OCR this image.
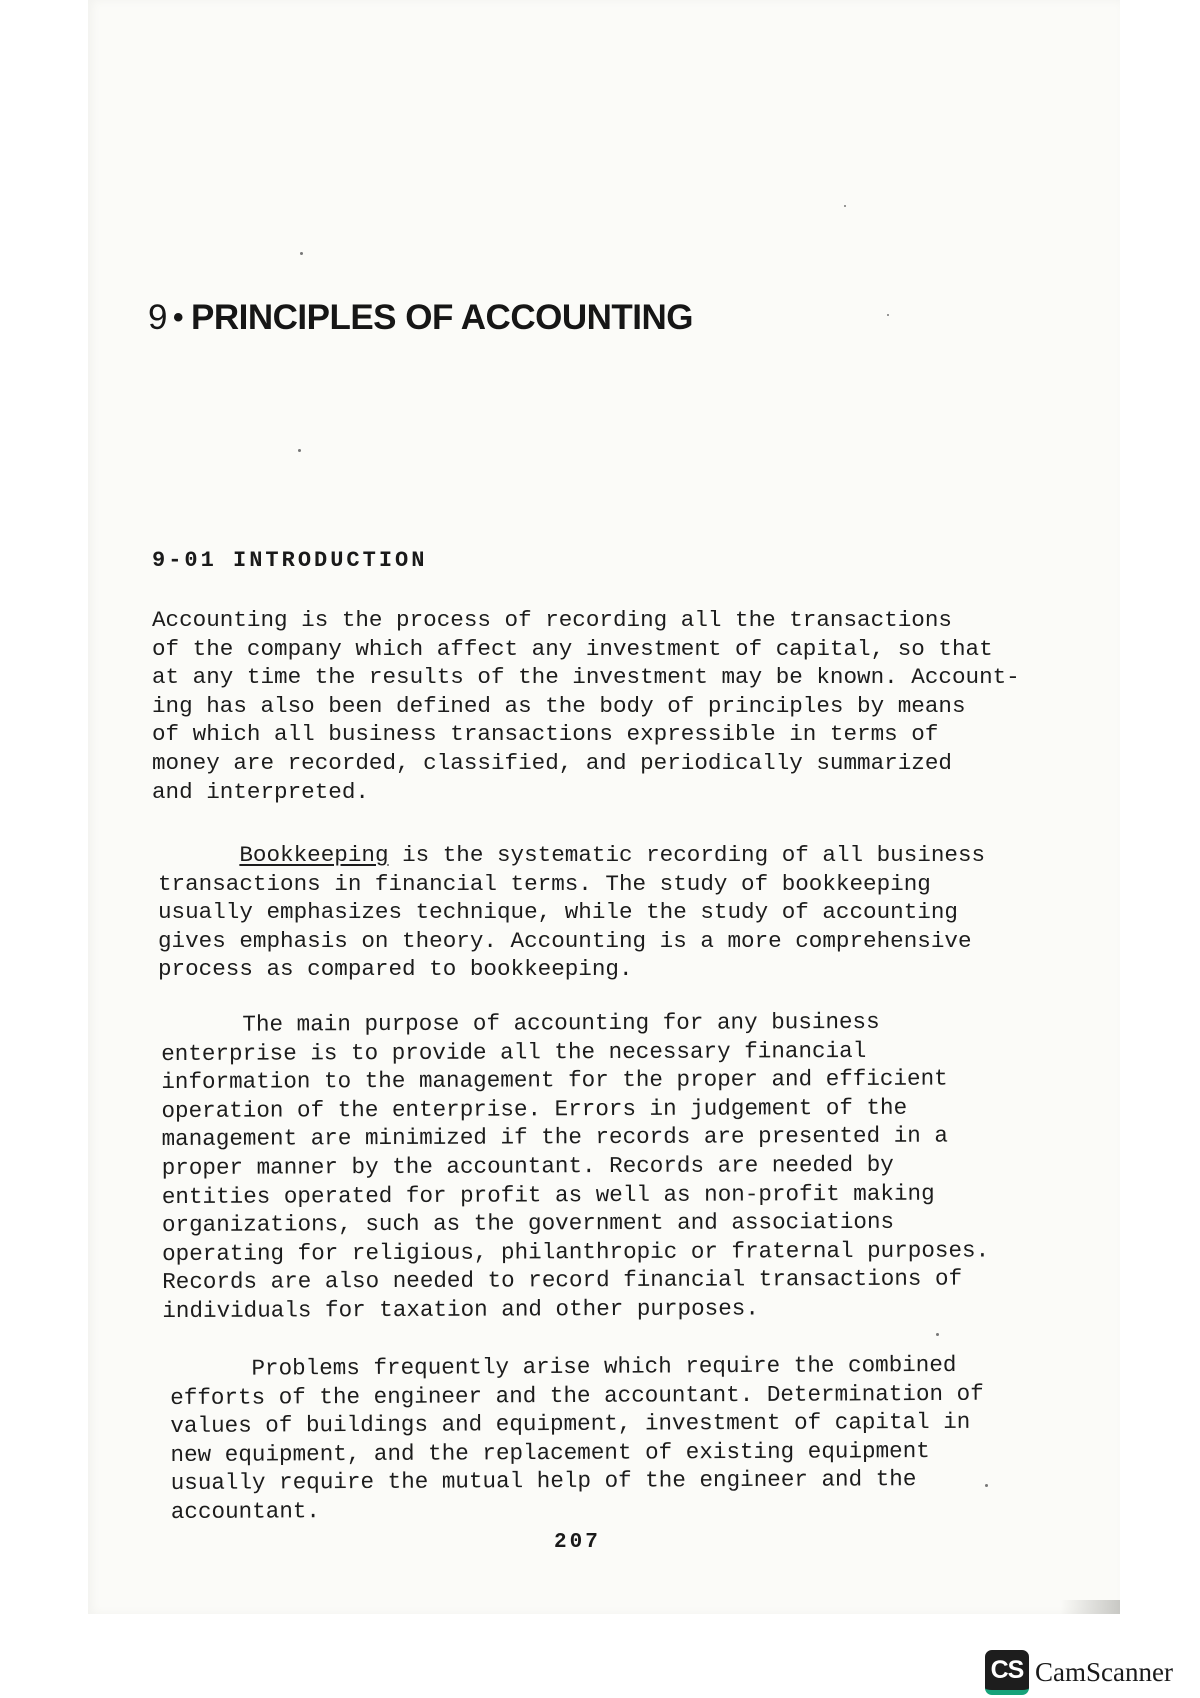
9 • PRINCIPLES OF ACCOUNTING
9-01 INTRODUCTION

Accounting is the process of recording all the transactions
of the company which affect any investment of capital, so that
at any time the results of the investment may be known. Account-
ing has also been defined as the body of principles by means
of which all business transactions expressible in terms of
money are recorded, classified, and periodically summarized
and interpreted.

Bookkeeping is the systematic recording of all business
transactions in financial terms. The study of bookkeeping
usually emphasizes technique, while the study of accounting
gives emphasis on theory. Accounting is a more comprehensive
process as compared to bookkeeping.

The main purpose of accounting for any business
enterprise is to provide all the necessary financial
information to the management for the proper and efficient
operation of the enterprise. Errors in judgement of the
management are minimized if the records are presented in a
proper manner by the accountant. Records are needed by
entities operated for profit as well as non-profit making
organizations, such as the government and associations
operating for religious, philanthropic or fraternal purposes.
Records are also needed to record financial transactions of
individuals for taxation and other purposes.

Problems frequently arise which require the combined
efforts of the engineer and the accountant. Determination of
values of buildings and equipment, investment of capital in
new equipment, and the replacement of existing equipment
usually require the mutual help of the engineer and the
accountant.

207

CS CamScanner
